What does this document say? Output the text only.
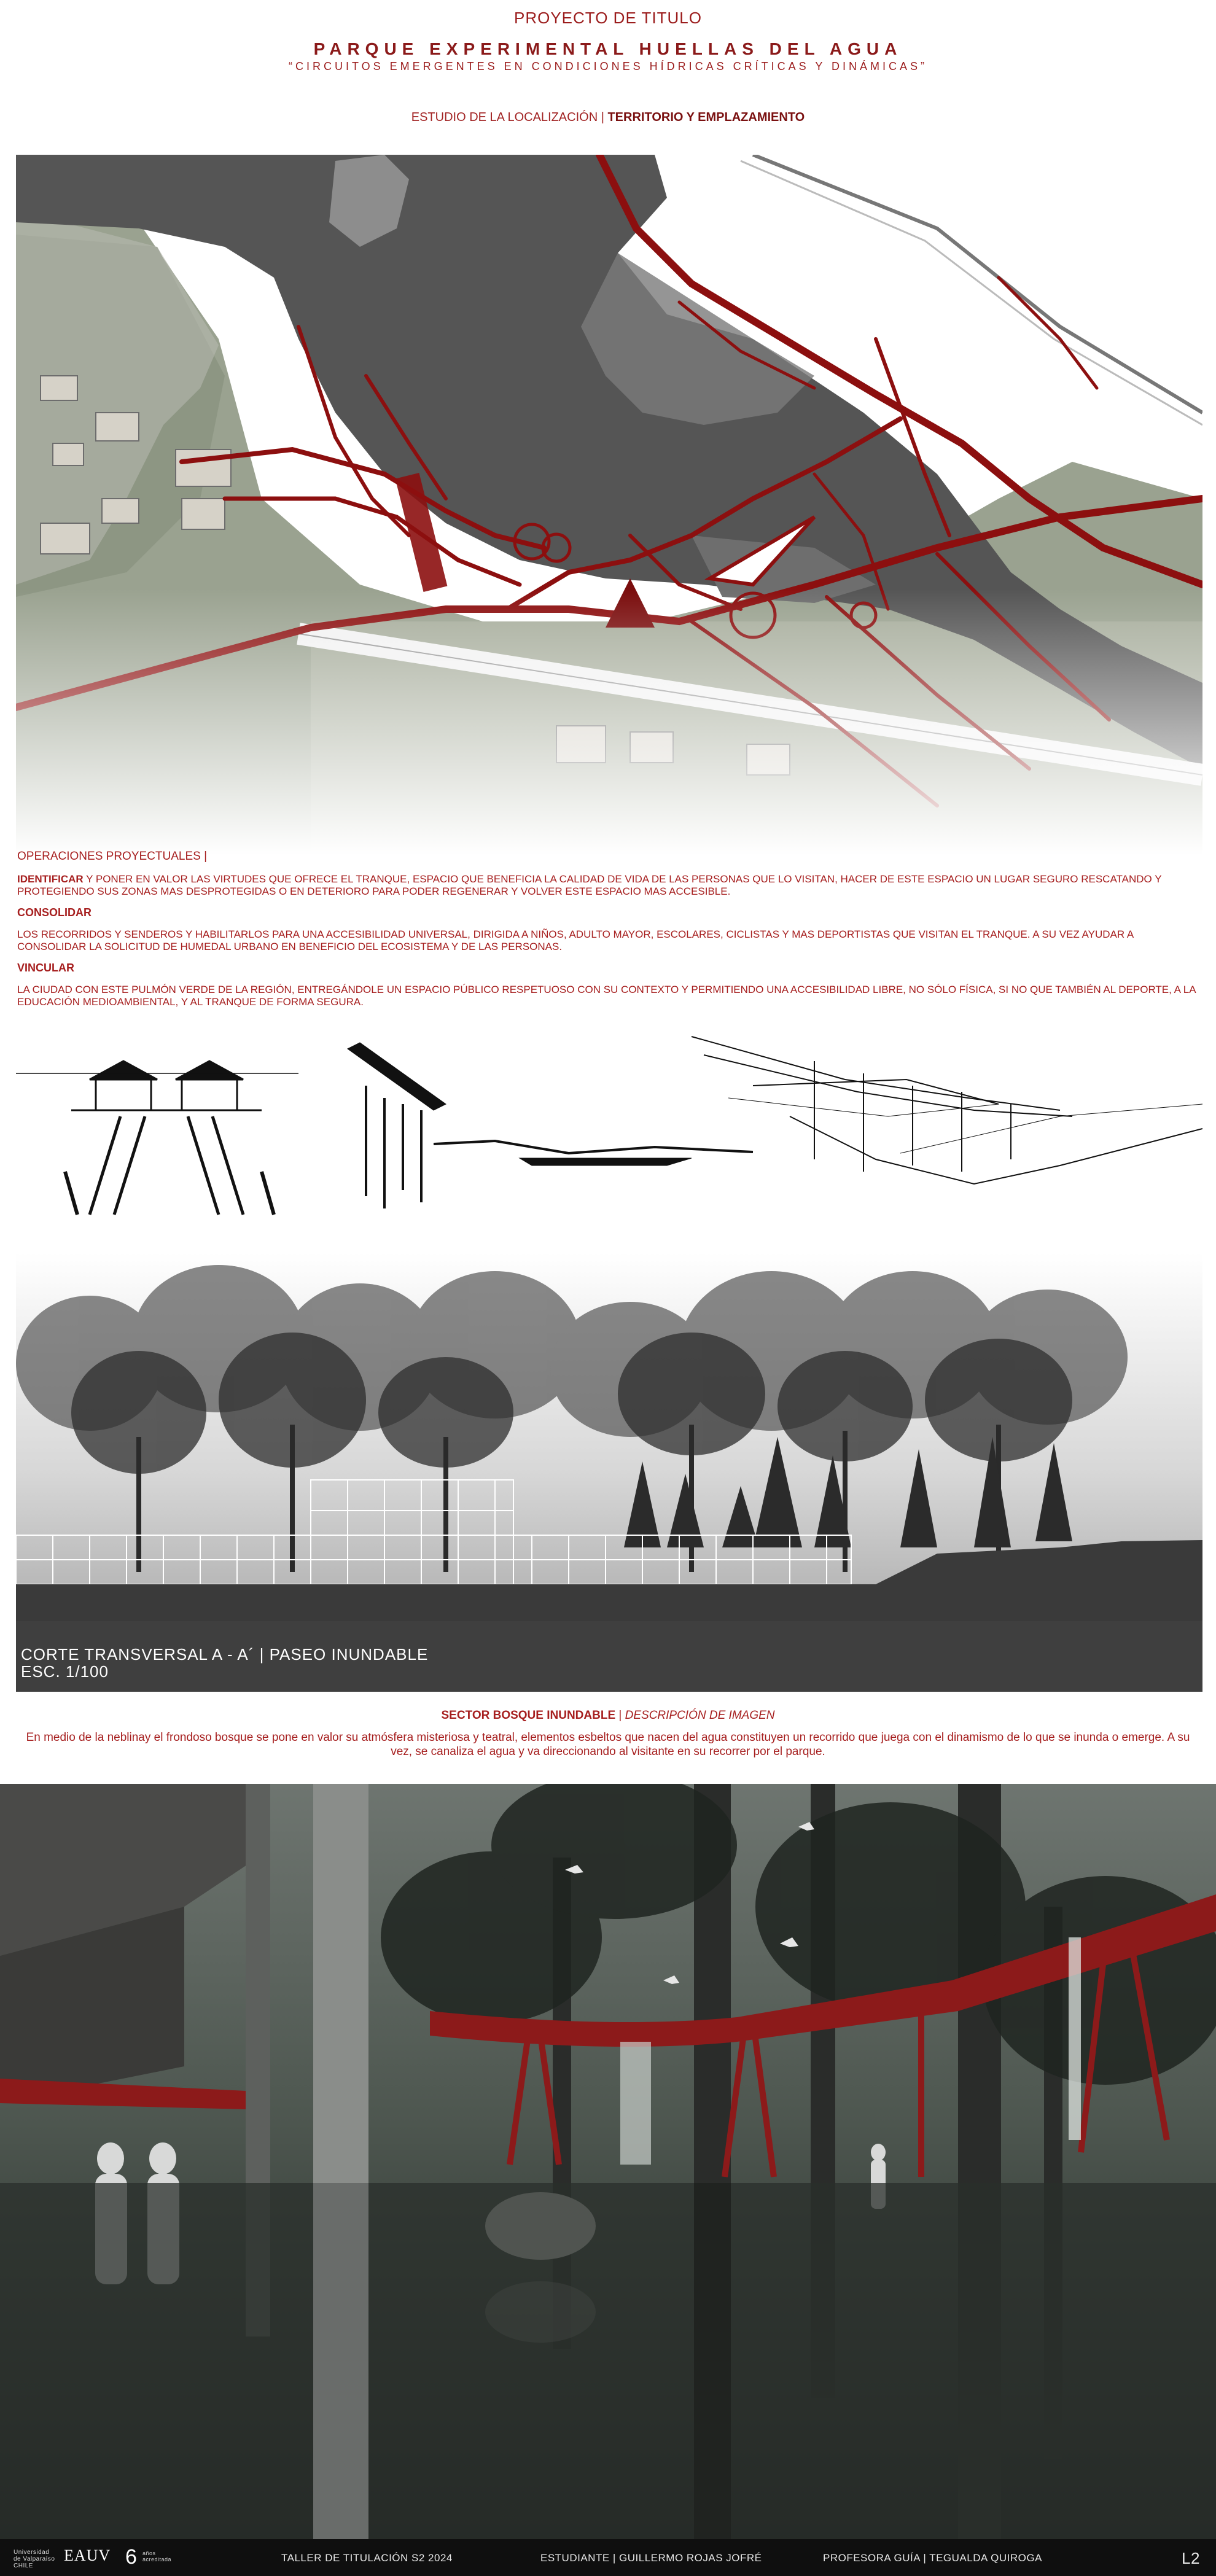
PROYECTO DE TITULO
PARQUE EXPERIMENTAL HUELLAS DEL AGUA
“CIRCUITOS EMERGENTES EN CONDICIONES HÍDRICAS CRÍTICAS Y DINÁMICAS”
ESTUDIO DE LA LOCALIZACIÓN | TERRITORIO Y EMPLAZAMIENTO
OPERACIONES PROYECTUALES |
IDENTIFICAR Y PONER EN VALOR LAS VIRTUDES QUE OFRECE EL TRANQUE, ESPACIO QUE BENEFICIA LA CALIDAD DE VIDA DE LAS PERSONAS QUE LO VISITAN, HACER DE ESTE ESPACIO UN LUGAR SEGURO RESCATANDO Y PROTEGIENDO SUS ZONAS MAS DESPROTEGIDAS O EN DETERIORO PARA PODER REGENERAR Y VOLVER ESTE ESPACIO MAS ACCESIBLE.
CONSOLIDAR
LOS RECORRIDOS Y SENDEROS Y HABILITARLOS PARA UNA ACCESIBILIDAD UNIVERSAL, DIRIGIDA A NIÑOS, ADULTO MAYOR, ESCOLARES, CICLISTAS Y MAS DEPORTISTAS QUE VISITAN EL TRANQUE. A SU VEZ AYUDAR A CONSOLIDAR LA SOLICITUD DE HUMEDAL URBANO EN BENEFICIO DEL ECOSISTEMA Y DE LAS PERSONAS.
VINCULAR
LA CIUDAD CON ESTE PULMÓN VERDE DE LA REGIÓN, ENTREGÁNDOLE UN ESPACIO PÚBLICO RESPETUOSO CON SU CONTEXTO Y PERMITIENDO UNA ACCESIBILIDAD LIBRE, NO SÓLO FÍSICA, SI NO QUE TAMBIÉN AL DEPORTE, A LA EDUCACIÓN MEDIOAMBIENTAL, Y AL TRANQUE DE FORMA SEGURA.
CORTE TRANSVERSAL A - A´ | PASEO INUNDABLE
ESC. 1/100
SECTOR BOSQUE INUNDABLE | DESCRIPCIÓN DE IMAGEN
En medio de la neblinay el frondoso bosque se pone en valor su atmósfera misteriosa y teatral, elementos esbeltos que nacen del agua constituyen un recorrido que juega con el dinamismo de lo que se inunda o emerge. A su vez, se canaliza el agua y va direccionando al visitante en su recorrer por el parque.
Universidad de Valparaíso CHILE
EAUV 6 años acreditada	TALLER DE TITULACIÓN S2 2024	ESTUDIANTE | GUILLERMO ROJAS JOFRÉ	PROFESORA GUÍA | TEGUALDA QUIROGA	L2
